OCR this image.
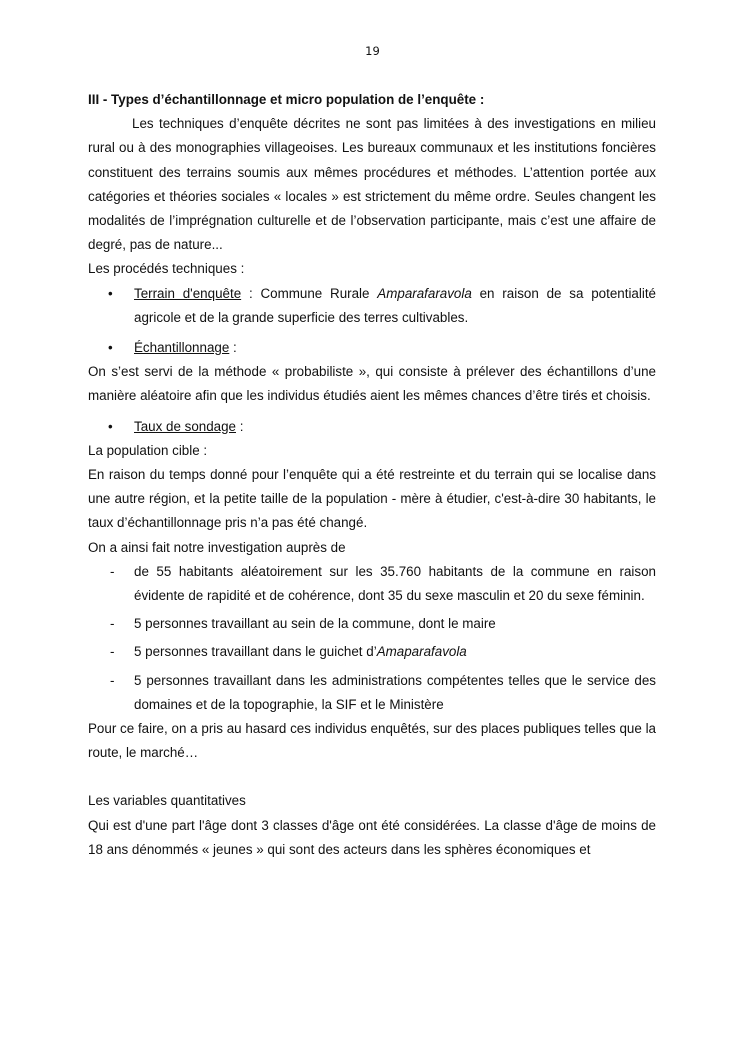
19

III - Types d’échantillonnage et micro population de l’enquête :

Les techniques d’enquête décrites ne sont pas limitées à des investigations en milieu rural ou à des monographies villageoises. Les bureaux communaux et les institutions foncières constituent des terrains soumis aux mêmes procédures et méthodes. L’attention portée aux catégories et théories sociales « locales » est strictement du même ordre. Seules changent les modalités de l’imprégnation culturelle et de l’observation participante, mais c’est une affaire de degré, pas de nature...

Les procédés techniques :

• Terrain d'enquête : Commune Rurale Amparafaravola en raison de sa potentialité agricole et de la grande superficie des terres cultivables.
• Échantillonnage :

On s’est servi de la méthode « probabiliste », qui consiste à prélever des échantillons d’une manière aléatoire afin que les individus étudiés aient les mêmes chances d’être tirés et choisis.

• Taux de sondage :

La population cible :

En raison du temps donné pour l’enquête qui a été restreinte et du terrain qui se localise dans une autre région, et la petite taille de la population - mère à étudier, c'est-à-dire 30 habitants, le taux d’échantillonnage pris n’a pas été changé.

On a ainsi fait notre investigation auprès de

- de 55 habitants aléatoirement sur les 35.760 habitants de la commune en raison évidente de rapidité et de cohérence, dont 35 du sexe masculin et 20 du sexe féminin.
- 5 personnes travaillant au sein de la commune, dont le maire
- 5 personnes travaillant dans le guichet d’Amaparafavola
- 5 personnes travaillant dans les administrations compétentes telles que le service des domaines et de la topographie, la SIF et le Ministère

Pour ce faire, on a pris au hasard ces individus enquêtés, sur des places publiques telles que la route, le marché…

Les variables quantitatives

Qui est d'une part l'âge dont 3 classes d'âge ont été considérées. La classe d'âge de moins de 18 ans dénommés « jeunes » qui sont des acteurs dans les sphères économiques et
